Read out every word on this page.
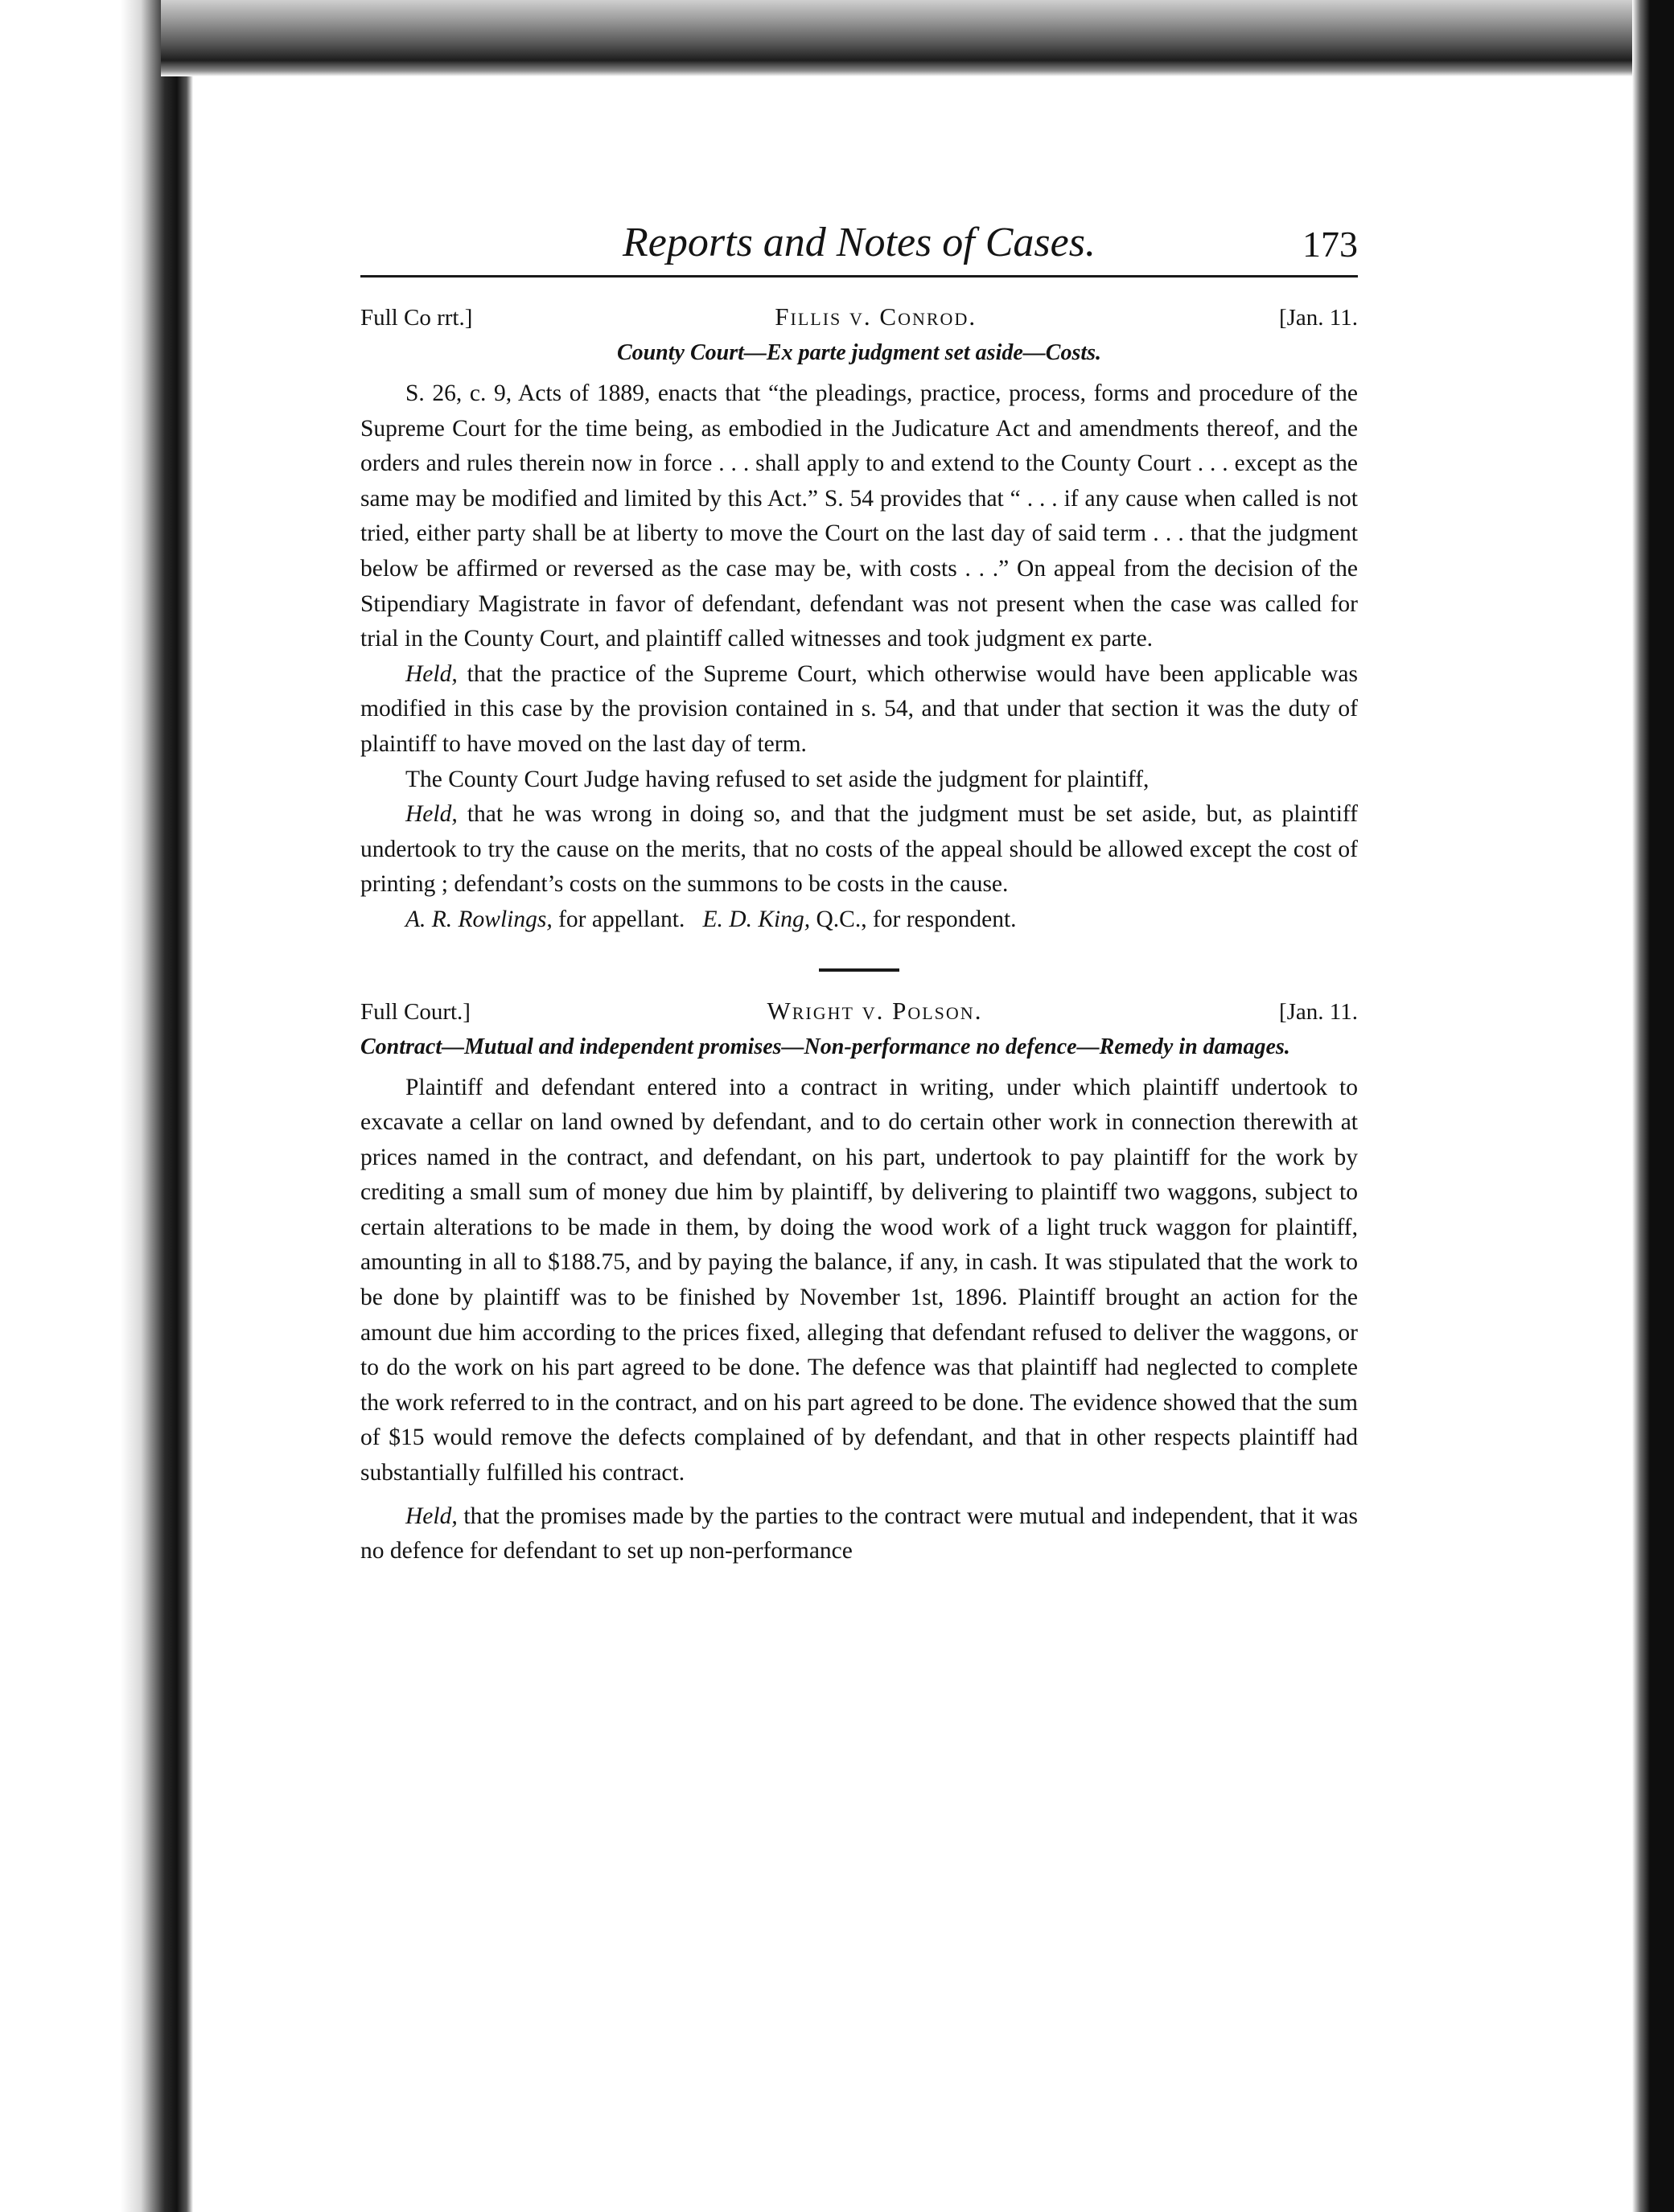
Reports and Notes of Cases.	173
Full Co rrt.]	Fillis v. Conrod.	[Jan. 11.
County Court—Ex parte judgment set aside—Costs.

S. 26, c. 9, Acts of 1889, enacts that “the pleadings, practice, process, forms and procedure of the Supreme Court for the time being, as embodied in the Judicature Act and amendments thereof, and the orders and rules therein now in force . . . shall apply to and extend to the County Court . . . except as the same may be modified and limited by this Act.” S. 54 provides that “ . . . if any cause when called is not tried, either party shall be at liberty to move the Court on the last day of said term . . . that the judgment below be affirmed or reversed as the case may be, with costs . . .” On appeal from the decision of the Stipendiary Magistrate in favor of defendant, defendant was not present when the case was called for trial in the County Court, and plaintiff called witnesses and took judgment ex parte.

Held, that the practice of the Supreme Court, which otherwise would have been applicable was modified in this case by the provision contained in s. 54, and that under that section it was the duty of plaintiff to have moved on the last day of term.

The County Court Judge having refused to set aside the judgment for plaintiff,

Held, that he was wrong in doing so, and that the judgment must be set aside, but, as plaintiff undertook to try the cause on the merits, that no costs of the appeal should be allowed except the cost of printing ; defendant’s costs on the summons to be costs in the cause.

A. R. Rowlings, for appellant. E. D. King, Q.C., for respondent.

Full Court.]	Wright v. Polson.	[Jan. 11.
Contract—Mutual and independent promises—Non-performance no defence—Remedy in damages.

Plaintiff and defendant entered into a contract in writing, under which plaintiff undertook to excavate a cellar on land owned by defendant, and to do certain other work in connection therewith at prices named in the contract, and defendant, on his part, undertook to pay plaintiff for the work by crediting a small sum of money due him by plaintiff, by delivering to plaintiff two waggons, subject to certain alterations to be made in them, by doing the wood work of a light truck waggon for plaintiff, amounting in all to $188.75, and by paying the balance, if any, in cash. It was stipulated that the work to be done by plaintiff was to be finished by November 1st, 1896. Plaintiff brought an action for the amount due him according to the prices fixed, alleging that defendant refused to deliver the waggons, or to do the work on his part agreed to be done. The defence was that plaintiff had neglected to complete the work referred to in the contract, and on his part agreed to be done. The evidence showed that the sum of $15 would remove the defects complained of by defendant, and that in other respects plaintiff had substantially fulfilled his contract.

Held, that the promises made by the parties to the contract were mutual and independent, that it was no defence for defendant to set up non-performance
